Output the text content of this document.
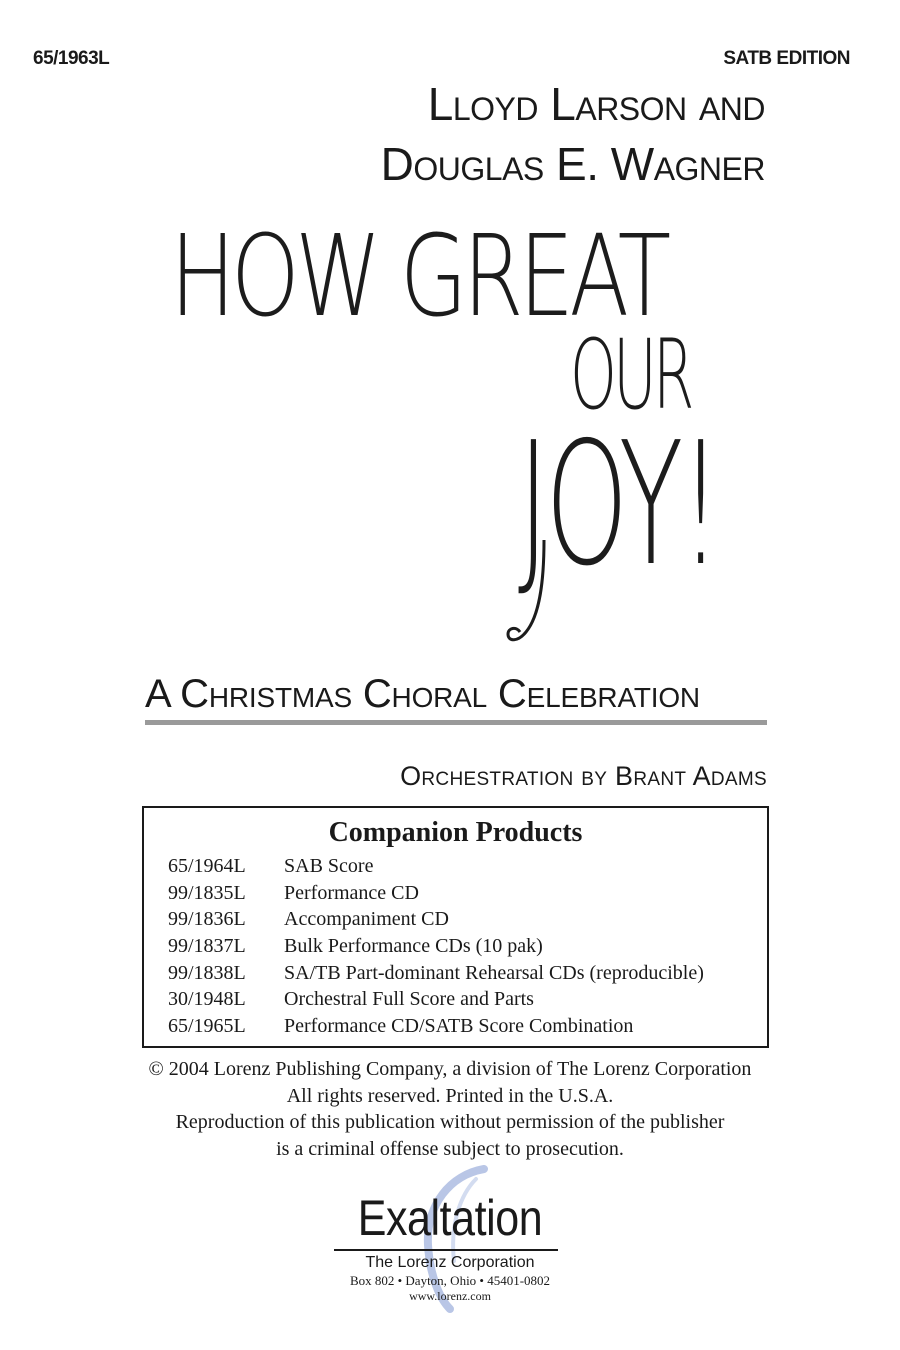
65/1963L	SATB EDITION
Lloyd Larson and
Douglas E. Wagner
HOW GREAT
OUR
JOY!
A Christmas Choral Celebration
Orchestration by Brant Adams
Companion Products
65/1964L SAB Score
99/1835L Performance CD
99/1836L Accompaniment CD
99/1837L Bulk Performance CDs (10 pak)
99/1838L SA/TB Part-dominant Rehearsal CDs (reproducible)
30/1948L Orchestral Full Score and Parts
65/1965L Performance CD/SATB Score Combination
© 2004 Lorenz Publishing Company, a division of The Lorenz Corporation
All rights reserved. Printed in the U.S.A.
Reproduction of this publication without permission of the publisher
is a criminal offense subject to prosecution.
Exaltation
The Lorenz Corporation
Box 802 • Dayton, Ohio • 45401-0802
www.lorenz.com
